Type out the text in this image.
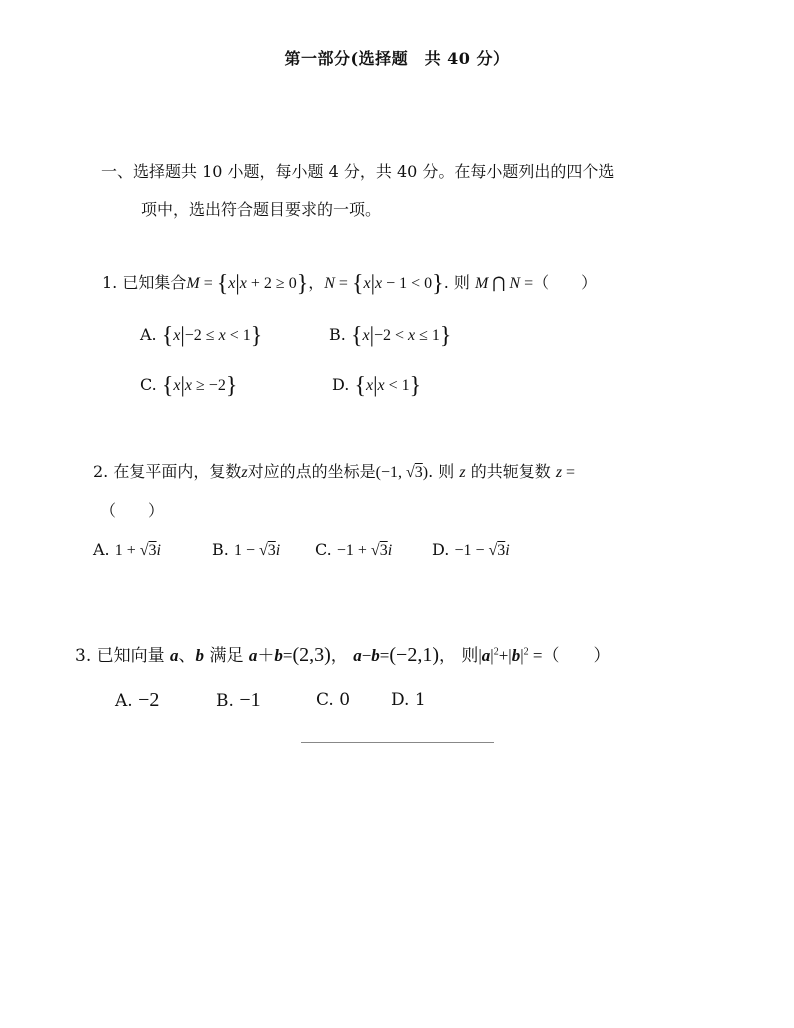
第一部分(选择题　共 40 分）
一、选择题共 10 小题，每小题 4 分，共 40 分。在每小题列出的四个选
项中，选出符合题目要求的一项。
1. 已知集合M = {x|x + 2 ≥ 0}，N = {x|x − 1 < 0}. 则 M ⋂ N =（　　）
A. {x|−2 ≤ x < 1}	B. {x|−2 < x ≤ 1}
C. {x|x ≥ −2}	D. {x|x < 1}
2. 在复平面内，复数z对应的点的坐标是(−1, √3). 则 z 的共轭复数 z =
（　　）
A. 1 + √3i	B. 1 − √3i C. −1 + √3i D. −1 − √3i
3. 已知向量 a、b 满足 a＋b=(2,3)， a−b=(−2,1)， 则$|a|^2+|b|^2$ =（　　）
A. −2	B. −1	C. 0 D. 1
